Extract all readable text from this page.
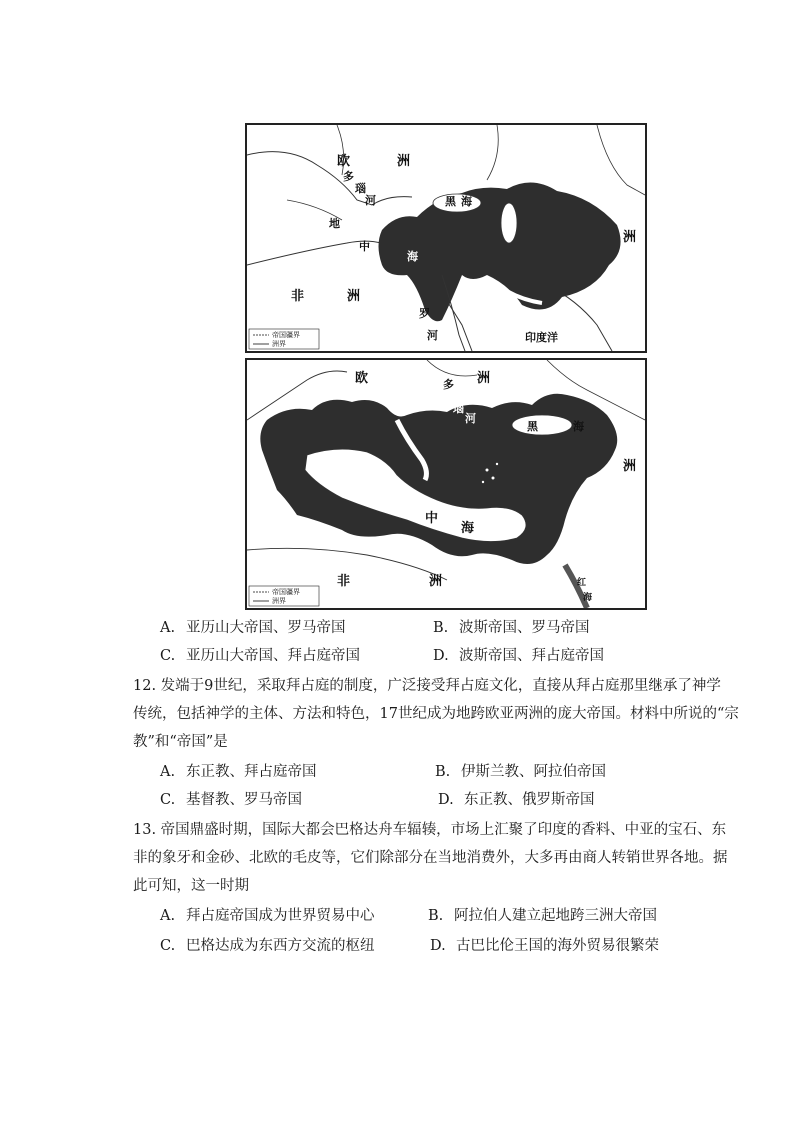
欧	洲
多
瑙
河	黑 海
洲
地
中
海
非	洲
罗
河	印度洋
帝国疆界
洲界
欧	洲
多
瑙
河
黑	海
洲
地
中
海
非	洲	红
海
帝国疆界
洲界
A. 亚历山大帝国、罗马帝国	B. 波斯帝国、罗马帝国
C. 亚历山大帝国、拜占庭帝国	D. 波斯帝国、拜占庭帝国
12. 发端于9世纪，采取拜占庭的制度，广泛接受拜占庭文化，直接从拜占庭那里继承了神学
传统，包括神学的主体、方法和特色，17世纪成为地跨欧亚两洲的庞大帝国。材料中所说的“宗
教”和“帝国”是
A. 东正教、拜占庭帝国	B. 伊斯兰教、阿拉伯帝国
C. 基督教、罗马帝国	D. 东正教、俄罗斯帝国
13. 帝国鼎盛时期，国际大都会巴格达舟车辐辏，市场上汇聚了印度的香料、中亚的宝石、东
非的象牙和金砂、北欧的毛皮等，它们除部分在当地消费外，大多再由商人转销世界各地。据
此可知，这一时期
A. 拜占庭帝国成为世界贸易中心	B. 阿拉伯人建立起地跨三洲大帝国
C. 巴格达成为东西方交流的枢纽	D. 古巴比伦王国的海外贸易很繁荣
